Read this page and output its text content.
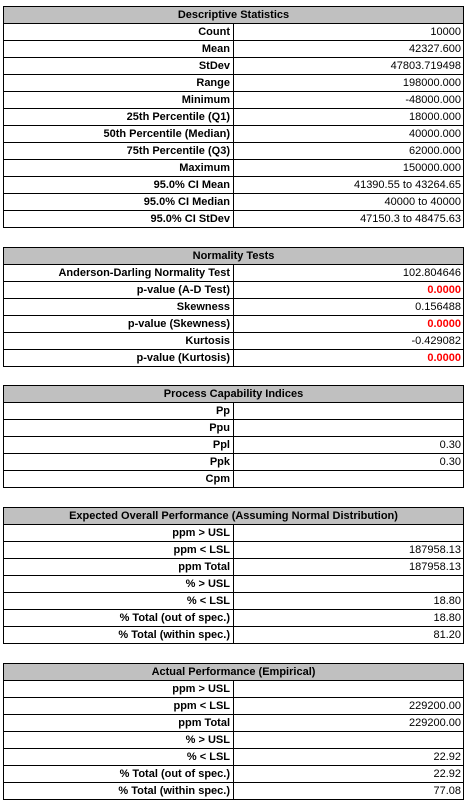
Descriptive Statistics	
Count	10000
Mean	42327.600
StDev	47803.719498
Range	198000.000
Minimum	-48000.000
25th Percentile (Q1)	18000.000
50th Percentile (Median)	40000.000
75th Percentile (Q3)	62000.000
Maximum	150000.000
95.0% CI Mean	41390.55 to 43264.65
95.0% CI Median	40000 to 40000
95.0% CI StDev	47150.3 to 48475.63
Normality Tests	
Anderson-Darling Normality Test	102.804646
p-value (A-D Test)	0.0000
Skewness	0.156488
p-value (Skewness)	0.0000
Kurtosis	-0.429082
p-value (Kurtosis)	0.0000
Process Capability Indices	
Pp	
Ppu	
Ppl	0.30
Ppk	0.30
Cpm	
Expected Overall Performance (Assuming Normal Distribution)	
ppm > USL	
ppm < LSL	187958.13
ppm Total	187958.13
% > USL	
% < LSL	18.80
% Total (out of spec.)	18.80
% Total (within spec.)	81.20
Actual Performance (Empirical)	
ppm > USL	
ppm < LSL	229200.00
ppm Total	229200.00
% > USL	
% < LSL	22.92
% Total (out of spec.)	22.92
% Total (within spec.)	77.08
